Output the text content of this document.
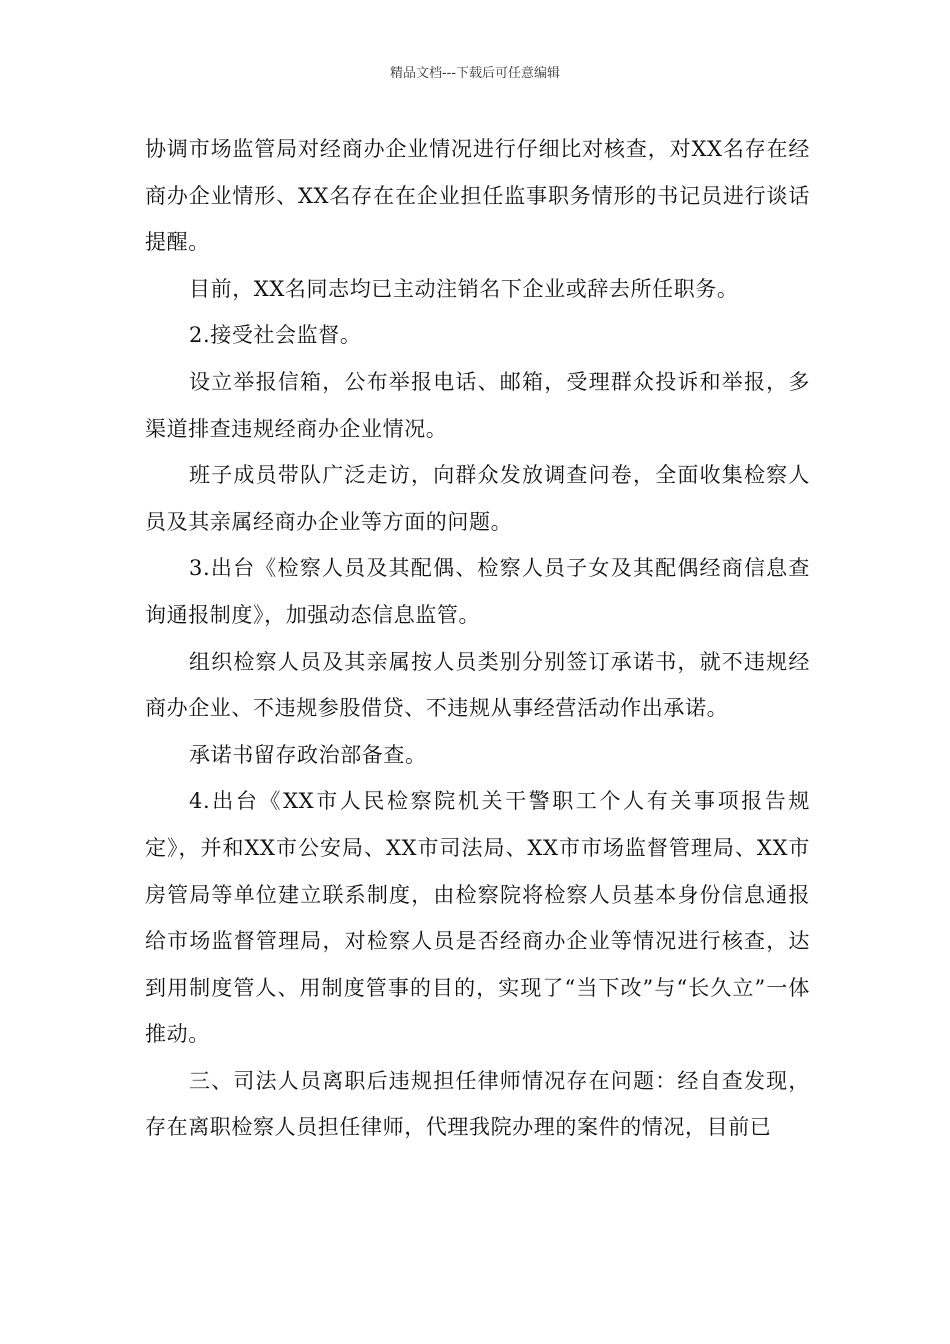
精品文档---下载后可任意编辑

协调市场监管局对经商办企业情况进行仔细比对核查，对XX名存在经商办企业情形、XX名存在在企业担任监事职务情形的书记员进行谈话提醒。

目前，XX名同志均已主动注销名下企业或辞去所任职务。

2.接受社会监督。

设立举报信箱，公布举报电话、邮箱，受理群众投诉和举报，多渠道排查违规经商办企业情况。

班子成员带队广泛走访，向群众发放调查问卷，全面收集检察人员及其亲属经商办企业等方面的问题。

3.出台《检察人员及其配偶、检察人员子女及其配偶经商信息查询通报制度》，加强动态信息监管。

组织检察人员及其亲属按人员类别分别签订承诺书，就不违规经商办企业、不违规参股借贷、不违规从事经营活动作出承诺。

承诺书留存政治部备查。

4.出台《XX市人民检察院机关干警职工个人有关事项报告规定》，并和XX市公安局、XX市司法局、XX市市场监督管理局、XX市房管局等单位建立联系制度，由检察院将检察人员基本身份信息通报给市场监督管理局，对检察人员是否经商办企业等情况进行核查，达到用制度管人、用制度管事的目的，实现了“当下改”与“长久立”一体推动。

三、司法人员离职后违规担任律师情况存在问题：经自查发现，存在离职检察人员担任律师，代理我院办理的案件的情况，目前已
